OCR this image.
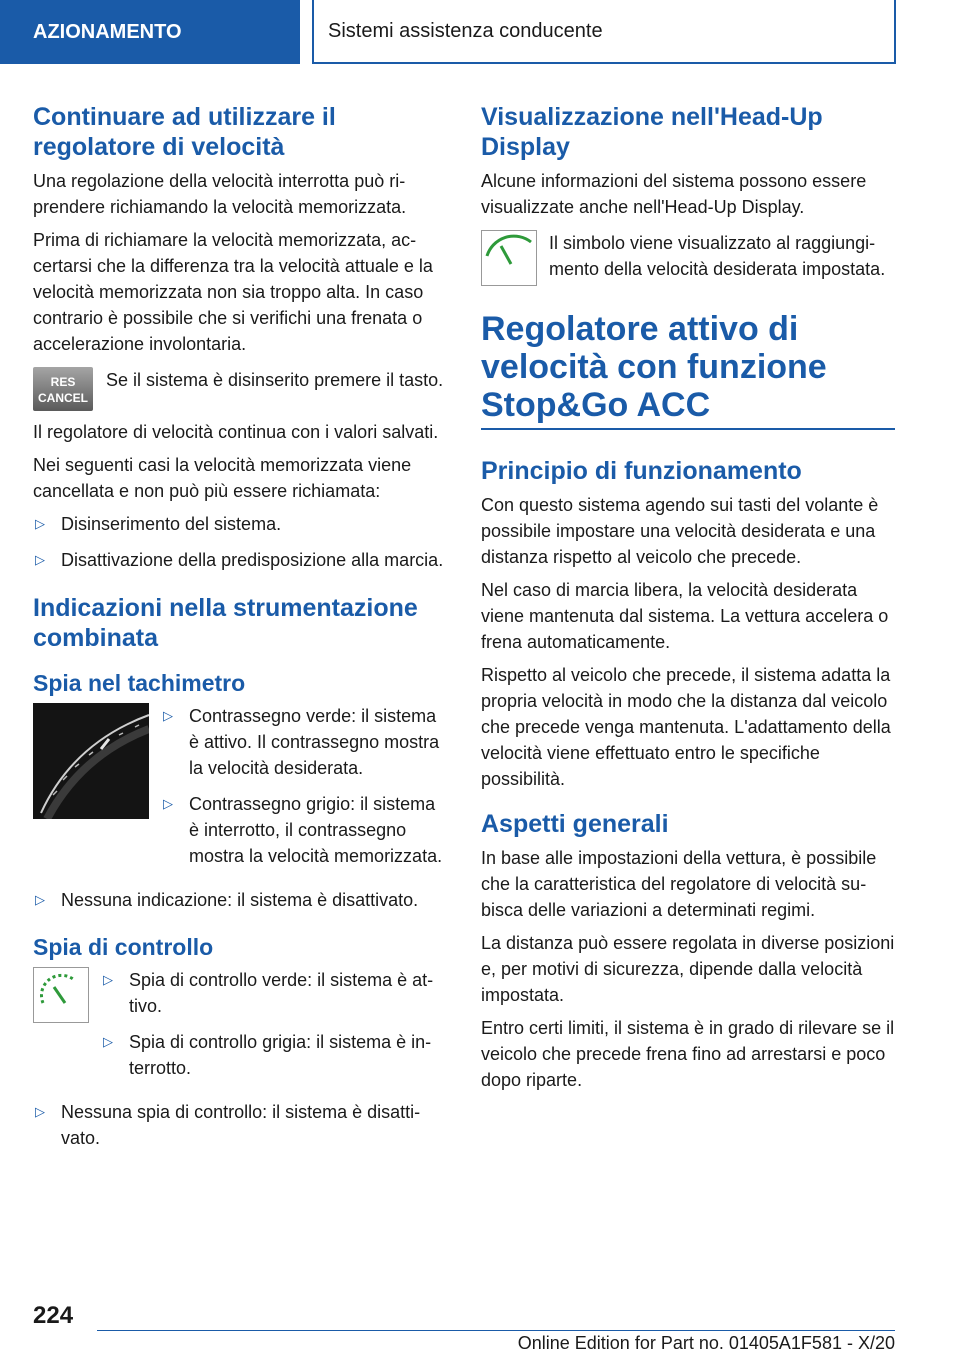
AZIONAMENTO	Sistemi assistenza conducente
Continuare ad utilizzare il regolatore di velocità

Una regolazione della velocità interrotta può riprendere richiamando la velocità memorizzata.

Prima di richiamare la velocità memorizzata, accertarsi che la differenza tra la velocità attuale e la velocità memorizzata non sia troppo alta. In caso contrario è possibile che si verifichi una frenata o accelerazione involontaria.

RES
CANCEL

Se il sistema è disinserito premere il tasto.

Il regolatore di velocità continua con i valori salvati.

Nei seguenti casi la velocità memorizzata viene cancellata e non può più essere richiamata:

▷ Disinserimento del sistema.
▷ Disattivazione della predisposizione alla marcia.
Indicazioni nella strumentazione combinata
Spia nel tachimetro
▷ Contrassegno verde: il sistema è attivo. Il contrassegno mostra la velocità desiderata.
▷ Contrassegno grigio: il sistema è interrotto, il contrassegno mostra la velocità memorizzata.
▷ Nessuna indicazione: il sistema è disattivato.
Spia di controllo
▷ Spia di controllo verde: il sistema è attivo.
▷ Spia di controllo grigia: il sistema è interrotto.
▷ Nessuna spia di controllo: il sistema è disattivato.
Visualizzazione nell'Head-Up Display

Alcune informazioni del sistema possono essere visualizzate anche nell'Head-Up Display.

Il simbolo viene visualizzato al raggiungimento della velocità desiderata impostata.

Regolatore attivo di velocità con funzione Stop&Go ACC
Principio di funzionamento

Con questo sistema agendo sui tasti del volante è possibile impostare una velocità desiderata e una distanza rispetto al veicolo che precede.

Nel caso di marcia libera, la velocità desiderata viene mantenuta dal sistema. La vettura accelera o frena automaticamente.

Rispetto al veicolo che precede, il sistema adatta la propria velocità in modo che la distanza dal veicolo che precede venga mantenuta. L'adattamento della velocità viene effettuato entro le specifiche possibilità.

Aspetti generali

In base alle impostazioni della vettura, è possibile che la caratteristica del regolatore di velocità subisca delle variazioni a determinati regimi.

La distanza può essere regolata in diverse posizioni e, per motivi di sicurezza, dipende dalla velocità impostata.

Entro certi limiti, il sistema è in grado di rilevare se il veicolo che precede frena fino ad arrestarsi e poco dopo riparte.

224
Online Edition for Part no. 01405A1F581 - X/20
